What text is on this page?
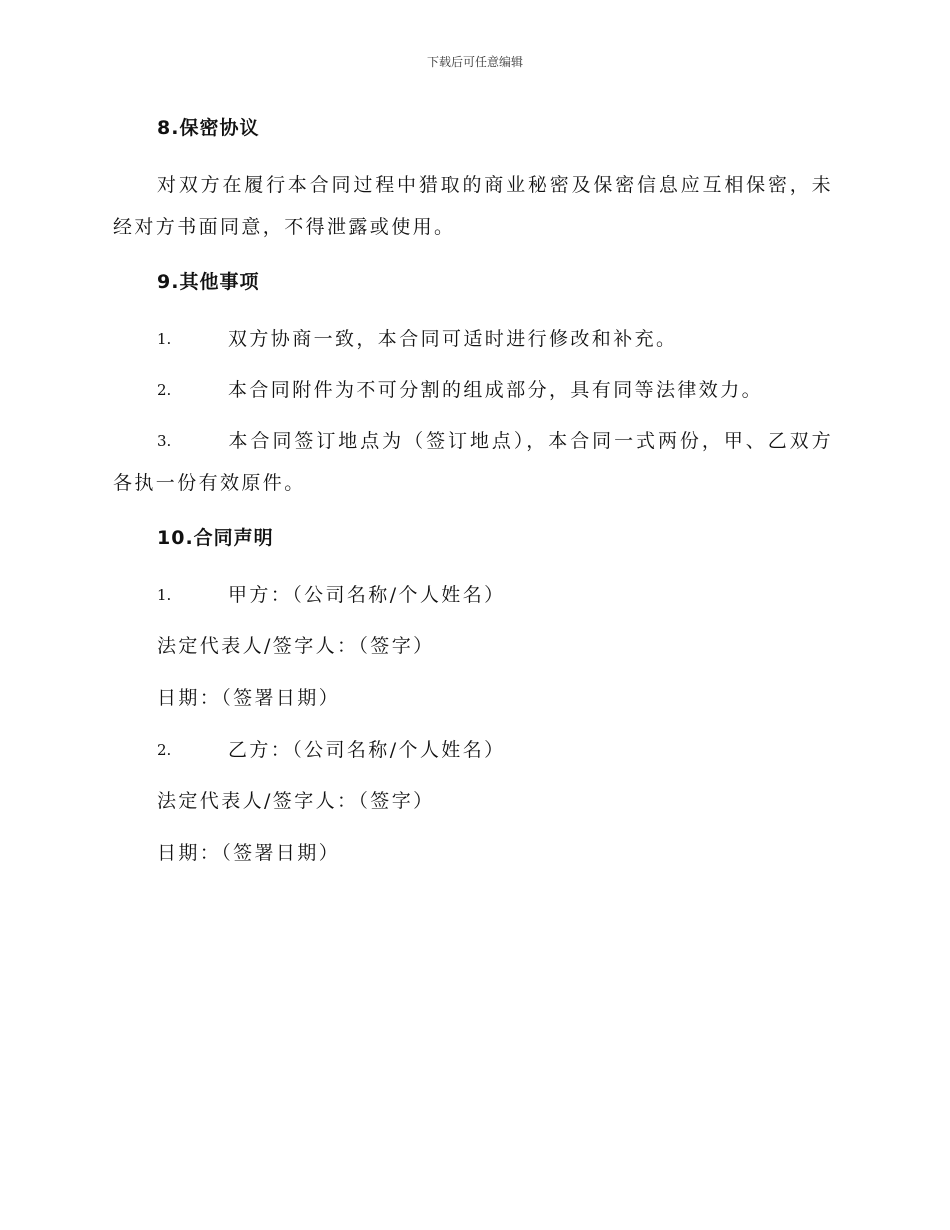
下载后可任意编辑
8.保密协议
对双方在履行本合同过程中猎取的商业秘密及保密信息应互相保密，未经对方书面同意，不得泄露或使用。
9.其他事项
1.	双方协商一致，本合同可适时进行修改和补充。
2.	本合同附件为不可分割的组成部分，具有同等法律效力。
3.	本合同签订地点为（签订地点），本合同一式两份，甲、乙双方各执一份有效原件。
10.合同声明
1.	甲方：（公司名称/个人姓名）
法定代表人/签字人：（签字）
日期：（签署日期）
2.	乙方：（公司名称/个人姓名）
法定代表人/签字人：（签字）
日期：（签署日期）
